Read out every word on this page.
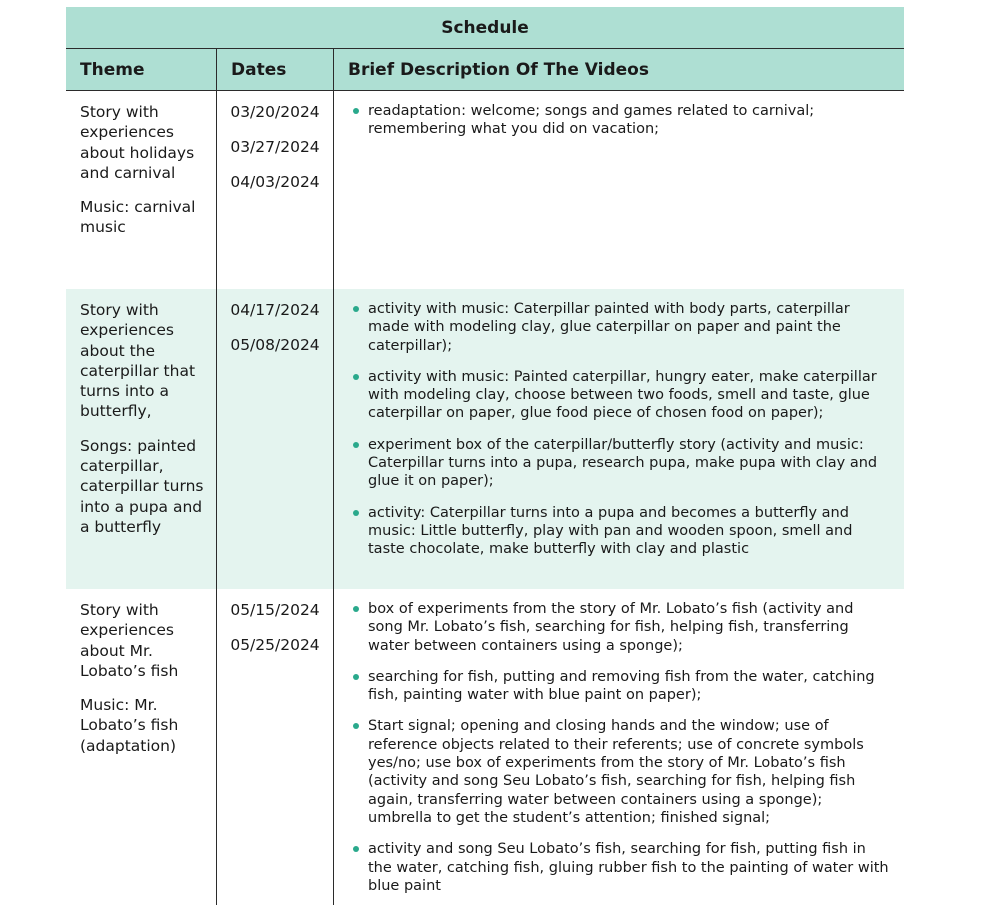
Schedule
Theme	Dates	Brief Description Of The Videos

Story with experiences about holidays and carnival

Music: carnival music

03/20/2024

03/27/2024

04/03/2024

readaptation: welcome; songs and games related to carnival; remembering what you did on vacation;

Story with experiences about the caterpillar that turns into a butterfly,

Songs: painted caterpillar, caterpillar turns into a pupa and a butterfly

04/17/2024

05/08/2024

activity with music: Caterpillar painted with body parts, caterpillar made with modeling clay, glue caterpillar on paper and paint the caterpillar);
activity with music: Painted caterpillar, hungry eater, make caterpillar with modeling clay, choose between two foods, smell and taste, glue caterpillar on paper, glue food piece of chosen food on paper);
experiment box of the caterpillar/butterfly story (activity and music: Caterpillar turns into a pupa, research pupa, make pupa with clay and glue it on paper);
activity: Caterpillar turns into a pupa and becomes a butterfly and music: Little butterfly, play with pan and wooden spoon, smell and taste chocolate, make butterfly with clay and plastic

Story with experiences about Mr. Lobato’s fish

Music: Mr. Lobato’s fish (adaptation)

05/15/2024

05/25/2024

box of experiments from the story of Mr. Lobato’s fish (activity and song Mr. Lobato’s fish, searching for fish, helping fish, transferring water between containers using a sponge);
searching for fish, putting and removing fish from the water, catching fish, painting water with blue paint on paper);
Start signal; opening and closing hands and the window; use of reference objects related to their referents; use of concrete symbols yes/no; use box of experiments from the story of Mr. Lobato’s fish (activity and song Seu Lobato’s fish, searching for fish, helping fish again, transferring water between containers using a sponge); umbrella to get the student’s attention; finished signal;
activity and song Seu Lobato’s fish, searching for fish, putting fish in the water, catching fish, gluing rubber fish to the painting of water with blue paint
